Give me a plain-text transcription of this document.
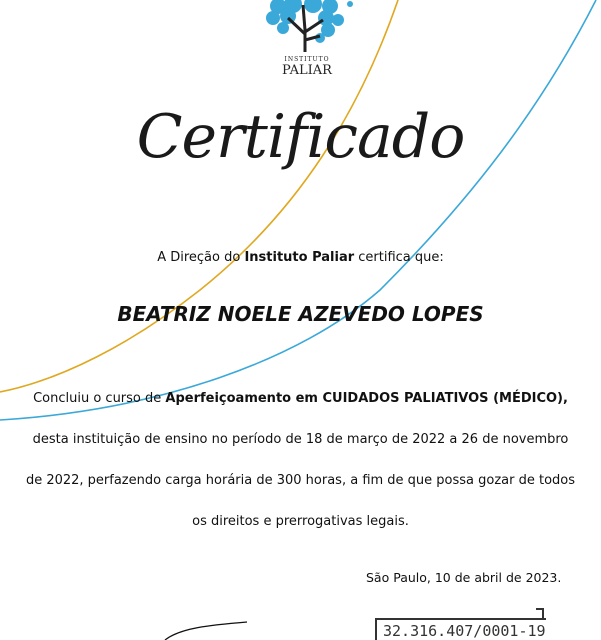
INSTITUTO
PALIAR
Certificado
A Direção do Instituto Paliar certifica que:
BEATRIZ NOELE AZEVEDO LOPES
Concluiu o curso de Aperfeiçoamento em CUIDADOS PALIATIVOS (MÉDICO), desta instituição de ensino no período de 18 de março de 2022 a 26 de novembro de 2022, perfazendo carga horária de 300 horas, a fim de que possa gozar de todos os direitos e prerrogativas legais.
São Paulo, 10 de abril de 2023.
32.316.407/0001-19
